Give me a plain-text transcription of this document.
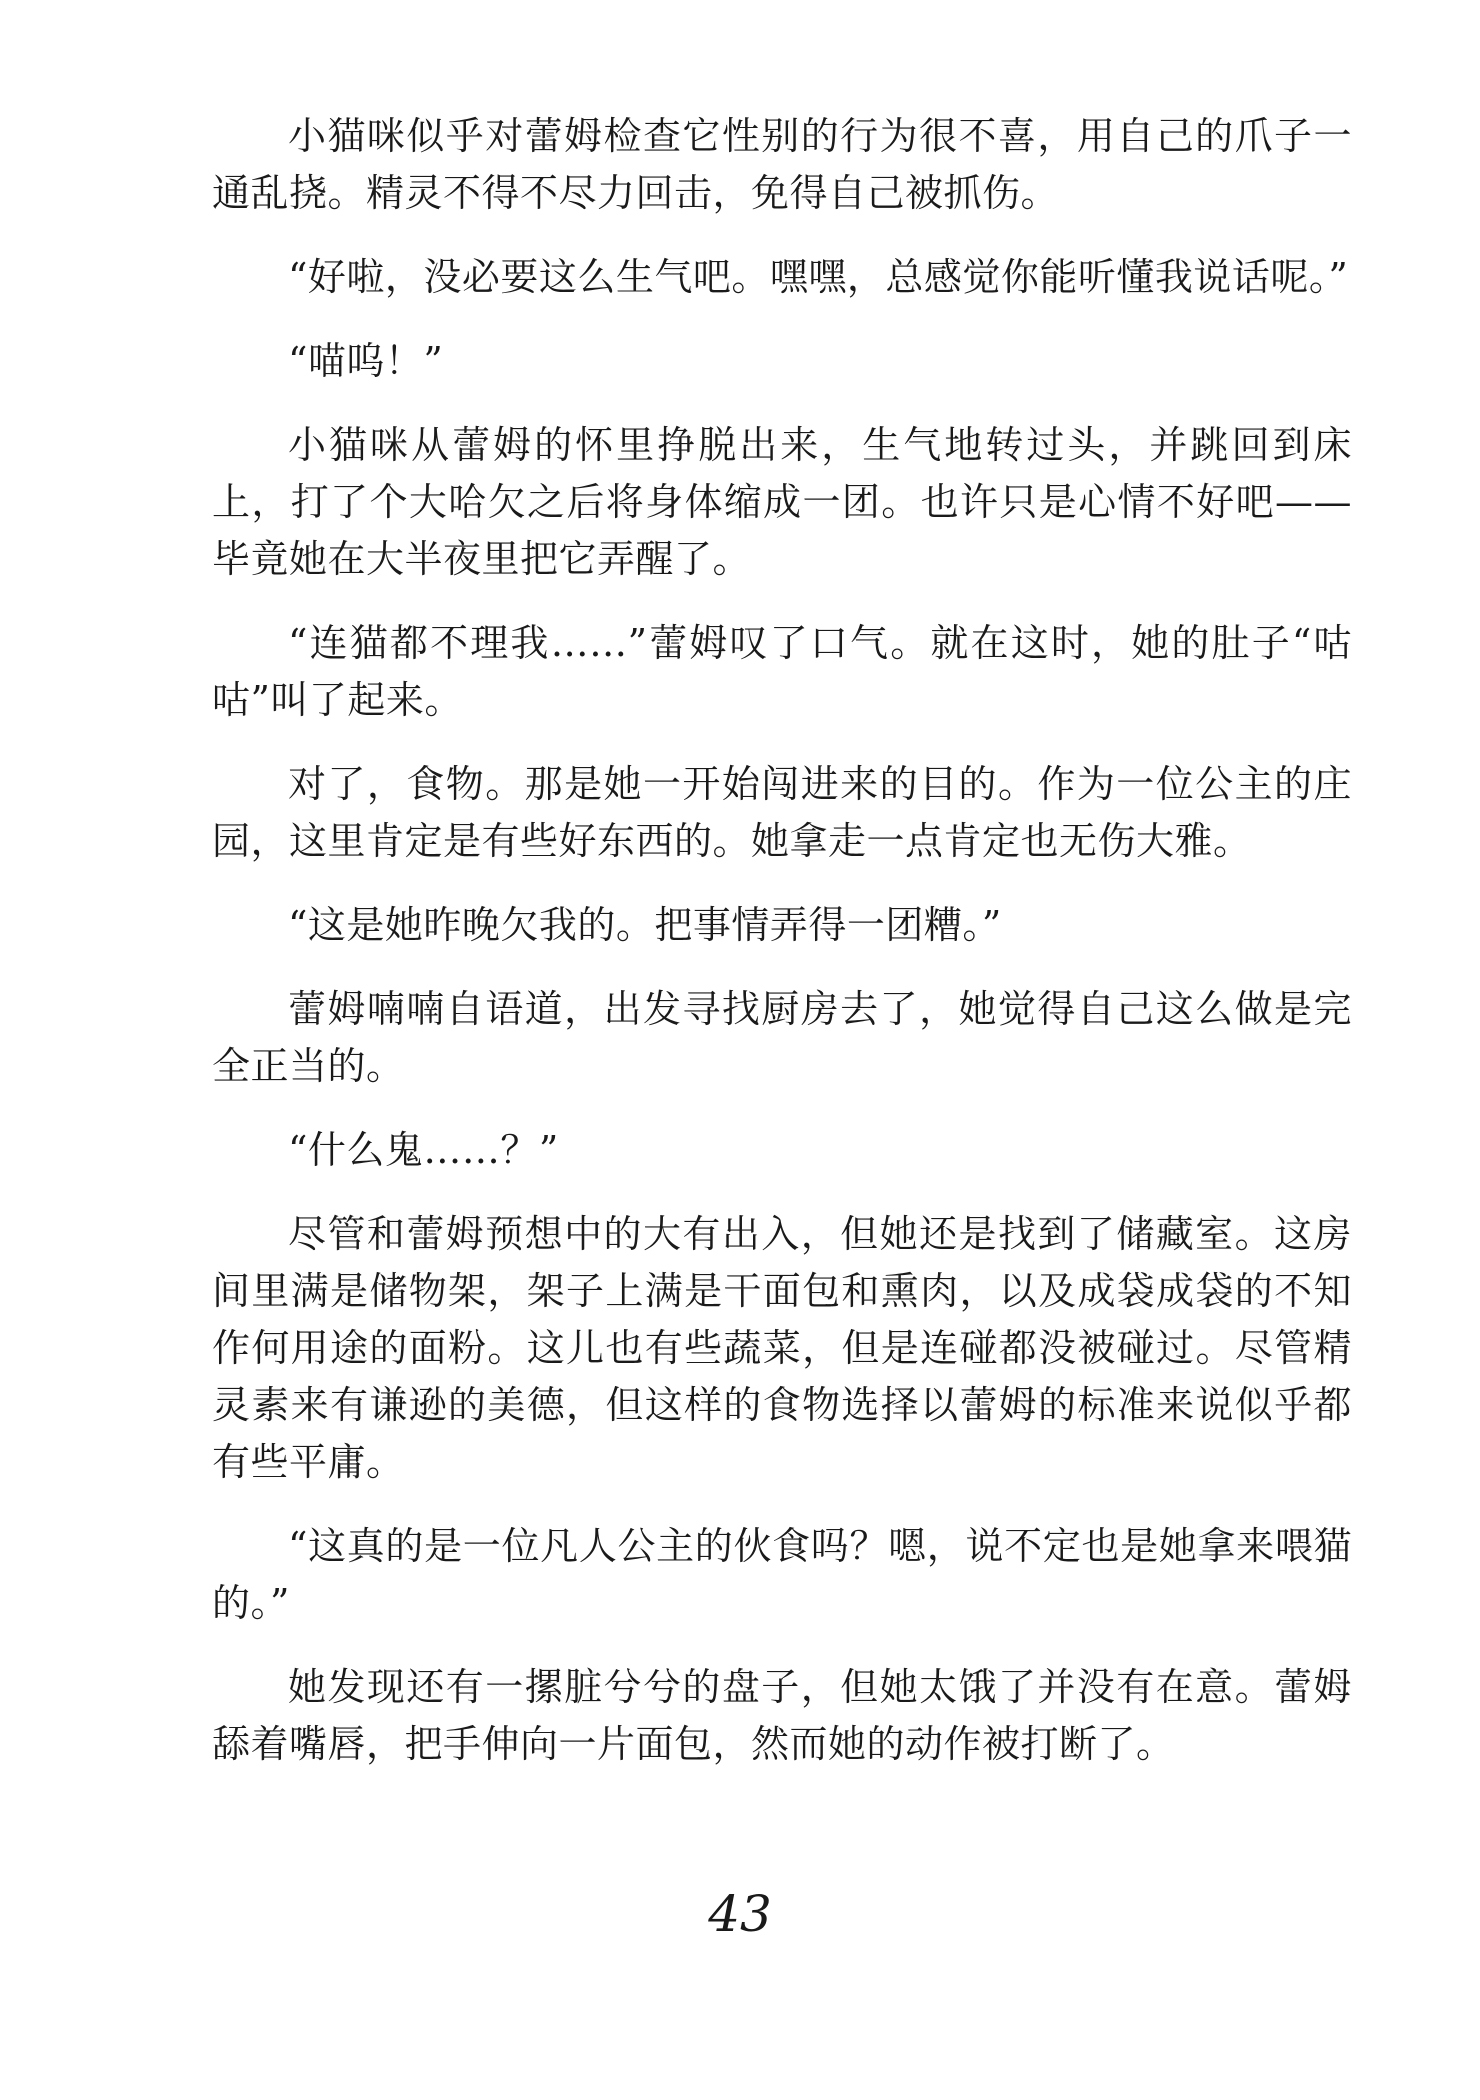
小猫咪似乎对蕾姆检查它性别的行为很不喜，用自己的爪子一通乱挠。精灵不得不尽力回击，免得自己被抓伤。

“好啦，没必要这么生气吧。嘿嘿，总感觉你能听懂我说话呢。”

“喵呜！”

小猫咪从蕾姆的怀里挣脱出来，生气地转过头，并跳回到床上，打了个大哈欠之后将身体缩成一团。也许只是心情不好吧——毕竟她在大半夜里把它弄醒了。

“连猫都不理我……”蕾姆叹了口气。就在这时，她的肚子“咕咕”叫了起来。

对了，食物。那是她一开始闯进来的目的。作为一位公主的庄园，这里肯定是有些好东西的。她拿走一点肯定也无伤大雅。

“这是她昨晚欠我的。把事情弄得一团糟。”

蕾姆喃喃自语道，出发寻找厨房去了，她觉得自己这么做是完全正当的。

“什么鬼……？”

尽管和蕾姆预想中的大有出入，但她还是找到了储藏室。这房间里满是储物架，架子上满是干面包和熏肉，以及成袋成袋的不知作何用途的面粉。这儿也有些蔬菜，但是连碰都没被碰过。尽管精灵素来有谦逊的美德，但这样的食物选择以蕾姆的标准来说似乎都有些平庸。

“这真的是一位凡人公主的伙食吗？嗯，说不定也是她拿来喂猫的。”

她发现还有一摞脏兮兮的盘子，但她太饿了并没有在意。蕾姆舔着嘴唇，把手伸向一片面包，然而她的动作被打断了。

43
